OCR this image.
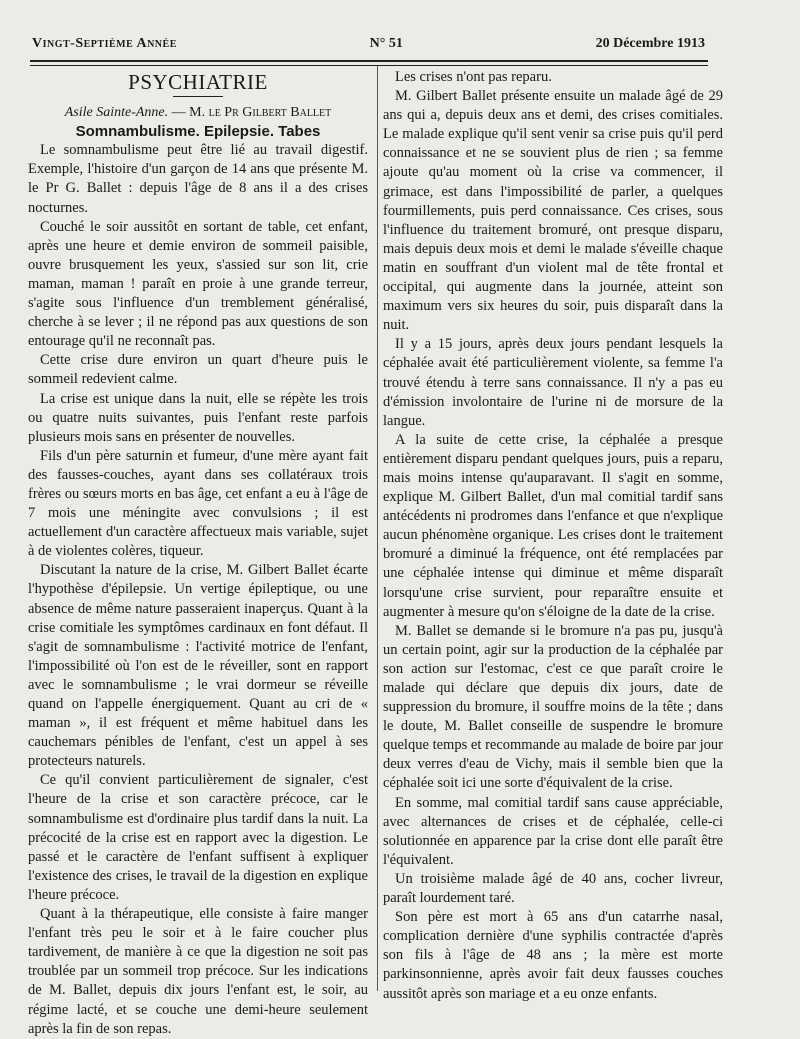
Vingt-Septième Année	N° 51	20 Décembre 1913
PSYCHIATRIE

Asile Sainte-Anne. — M. le Pr Gilbert Ballet

Somnambulisme. Epilepsie. Tabes

Le somnambulisme peut être lié au travail digestif. Exemple, l'histoire d'un garçon de 14 ans que présente M. le Pr G. Ballet : depuis l'âge de 8 ans il a des crises nocturnes.

Couché le soir aussitôt en sortant de table, cet enfant, après une heure et demie environ de sommeil paisible, ouvre brusquement les yeux, s'assied sur son lit, crie maman, maman ! paraît en proie à une grande terreur, s'agite sous l'influence d'un tremblement généralisé, cherche à se lever ; il ne répond pas aux questions de son entourage qu'il ne reconnaît pas.

Cette crise dure environ un quart d'heure puis le sommeil redevient calme.

La crise est unique dans la nuit, elle se répète les trois ou quatre nuits suivantes, puis l'enfant reste parfois plusieurs mois sans en présenter de nouvelles.

Fils d'un père saturnin et fumeur, d'une mère ayant fait des fausses-couches, ayant dans ses collatéraux trois frères ou sœurs morts en bas âge, cet enfant a eu à l'âge de 7 mois une méningite avec convulsions ; il est actuellement d'un caractère affectueux mais variable, sujet à de violentes colères, tiqueur.

Discutant la nature de la crise, M. Gilbert Ballet écarte l'hypothèse d'épilepsie. Un vertige épileptique, ou une absence de même nature passeraient inaperçus. Quant à la crise comitiale les symptômes cardinaux en font défaut. Il s'agit de somnambulisme : l'activité motrice de l'enfant, l'impossibilité où l'on est de le réveiller, sont en rapport avec le somnambulisme ; le vrai dormeur se réveille quand on l'appelle énergiquement. Quant au cri de « maman », il est fréquent et même habituel dans les cauchemars pénibles de l'enfant, c'est un appel à ses protecteurs naturels.

Ce qu'il convient particulièrement de signaler, c'est l'heure de la crise et son caractère précoce, car le somnambulisme est d'ordinaire plus tardif dans la nuit. La précocité de la crise est en rapport avec la digestion. Le passé et le caractère de l'enfant suffisent à expliquer l'existence des crises, le travail de la digestion en explique l'heure précoce.

Quant à la thérapeutique, elle consiste à faire manger l'enfant très peu le soir et à le faire coucher plus tardivement, de manière à ce que la digestion ne soit pas troublée par un sommeil trop précoce. Sur les indications de M. Ballet, depuis dix jours l'enfant est, le soir, au régime lacté, et se couche une demi-heure seulement après la fin de son repas.

Les crises n'ont pas reparu.

M. Gilbert Ballet présente ensuite un malade âgé de 29 ans qui a, depuis deux ans et demi, des crises comitiales. Le malade explique qu'il sent venir sa crise puis qu'il perd connaissance et ne se souvient plus de rien ; sa femme ajoute qu'au moment où la crise va commencer, il grimace, est dans l'impossibilité de parler, a quelques fourmillements, puis perd connaissance. Ces crises, sous l'influence du traitement bromuré, ont presque disparu, mais depuis deux mois et demi le malade s'éveille chaque matin en souffrant d'un violent mal de tête frontal et occipital, qui augmente dans la journée, atteint son maximum vers six heures du soir, puis disparaît dans la nuit.

Il y a 15 jours, après deux jours pendant lesquels la céphalée avait été particulièrement violente, sa femme l'a trouvé étendu à terre sans connaissance. Il n'y a pas eu d'émission involontaire de l'urine ni de morsure de la langue.

A la suite de cette crise, la céphalée a presque entièrement disparu pendant quelques jours, puis a reparu, mais moins intense qu'auparavant. Il s'agit en somme, explique M. Gilbert Ballet, d'un mal comitial tardif sans antécédents ni prodromes dans l'enfance et que n'explique aucun phénomène organique. Les crises dont le traitement bromuré a diminué la fréquence, ont été remplacées par une céphalée intense qui diminue et même disparaît lorsqu'une crise survient, pour reparaître ensuite et augmenter à mesure qu'on s'éloigne de la date de la crise.

M. Ballet se demande si le bromure n'a pas pu, jusqu'à un certain point, agir sur la production de la céphalée par son action sur l'estomac, c'est ce que paraît croire le malade qui déclare que depuis dix jours, date de suppression du bromure, il souffre moins de la tête ; dans le doute, M. Ballet conseille de suspendre le bromure quelque temps et recommande au malade de boire par jour deux verres d'eau de Vichy, mais il semble bien que la céphalée soit ici une sorte d'équivalent de la crise.

En somme, mal comitial tardif sans cause appréciable, avec alternances de crises et de céphalée, celle-ci solutionnée en apparence par la crise dont elle paraît être l'équivalent.

Un troisième malade âgé de 40 ans, cocher livreur, paraît lourdement taré.

Son père est mort à 65 ans d'un catarrhe nasal, complication dernière d'une syphilis contractée d'après son fils à l'âge de 48 ans ; la mère est morte parkinsonnienne, après avoir fait deux fausses couches aussitôt après son mariage et a eu onze enfants.
